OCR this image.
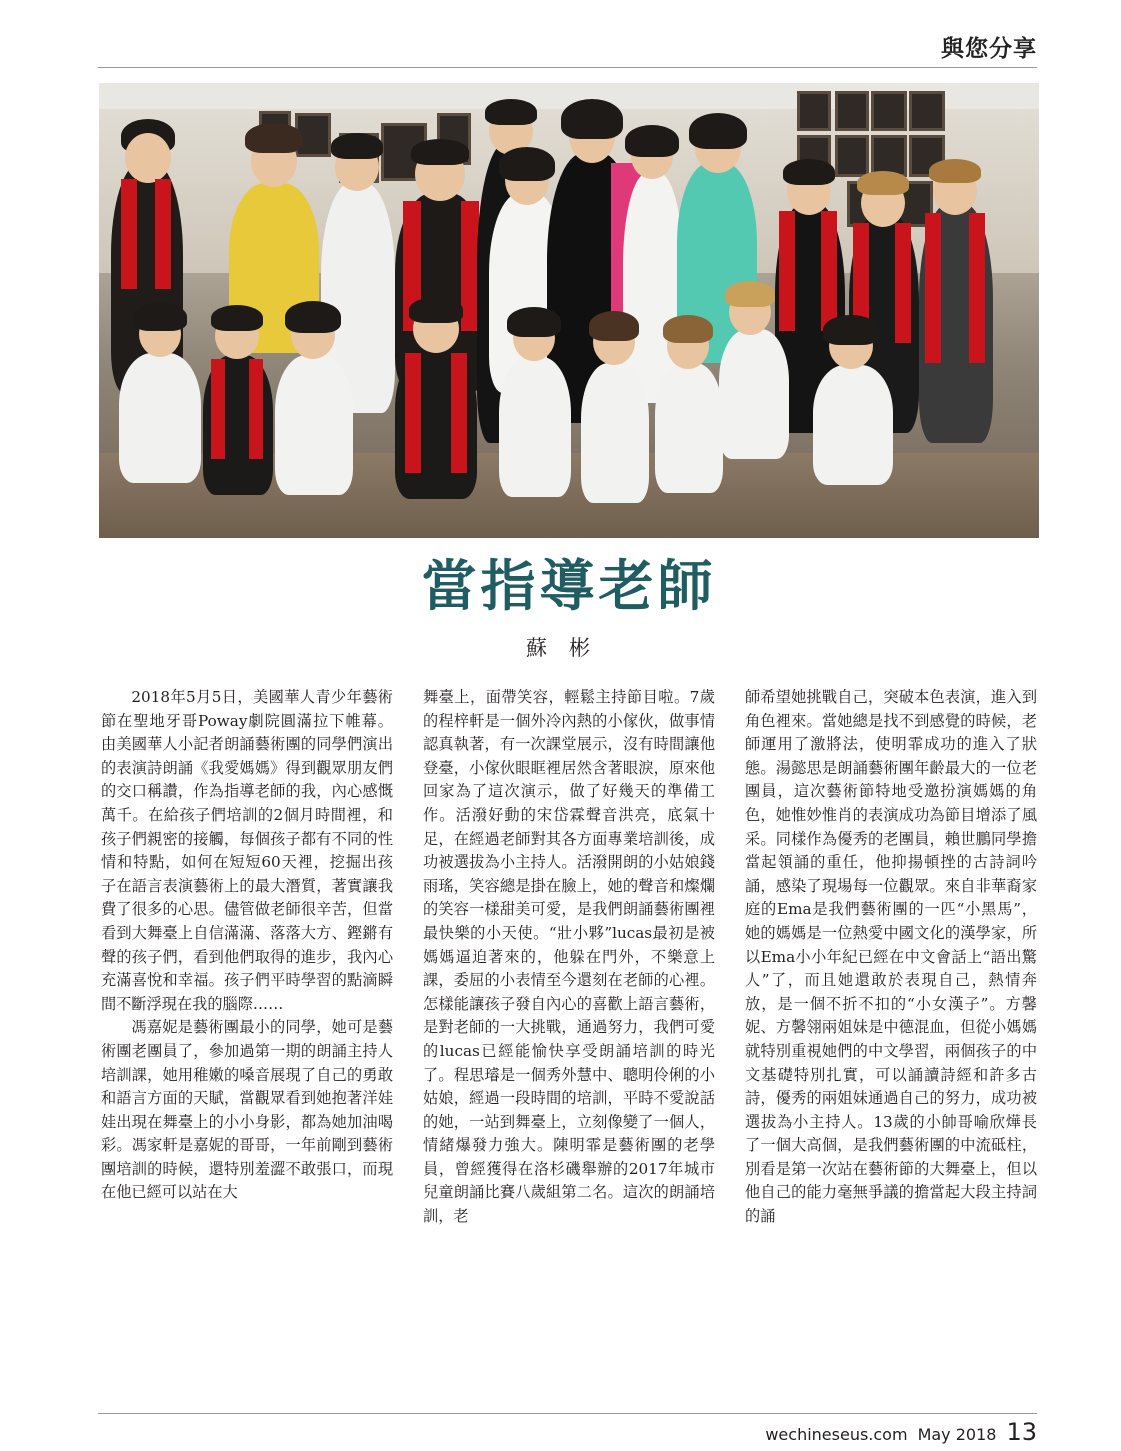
與您分享
當指導老師
蘇彬

2018年5月5日，美國華人青少年藝術節在聖地牙哥Poway劇院圓滿拉下帷幕。由美國華人小記者朗誦藝術團的同學們演出的表演詩朗誦《我愛媽媽》得到觀眾朋友們的交口稱讚，作為指導老師的我，內心感慨萬千。在給孩子們培訓的2個月時間裡，和孩子們親密的接觸，每個孩子都有不同的性情和特點，如何在短短60天裡，挖掘出孩子在語言表演藝術上的最大潛質，著實讓我費了很多的心思。儘管做老師很辛苦，但當看到大舞臺上自信滿滿、落落大方、鏗鏘有聲的孩子們，看到他們取得的進步，我內心充滿喜悅和幸福。孩子們平時學習的點滴瞬間不斷浮現在我的腦際……

馮嘉妮是藝術團最小的同學，她可是藝術團老團員了，參加過第一期的朗誦主持人培訓課，她用稚嫩的嗓音展現了自己的勇敢和語言方面的天賦，當觀眾看到她抱著洋娃娃出現在舞臺上的小小身影，都為她加油喝彩。馮家軒是嘉妮的哥哥，一年前剛到藝術團培訓的時候，還特別羞澀不敢張口，而現在他已經可以站在大

舞臺上，面帶笑容，輕鬆主持節目啦。7歲的程梓軒是一個外冷內熱的小傢伙，做事情認真執著，有一次課堂展示，沒有時間讓他登臺，小傢伙眼眶裡居然含著眼淚，原來他回家為了這次演示，做了好幾天的準備工作。活潑好動的宋岱霖聲音洪亮，底氣十足，在經過老師對其各方面專業培訓後，成功被選拔為小主持人。活潑開朗的小姑娘錢雨瑤，笑容總是掛在臉上，她的聲音和燦爛的笑容一樣甜美可愛，是我們朗誦藝術團裡最快樂的小天使。“壯小夥”lucas最初是被媽媽逼迫著來的，他躲在門外，不樂意上課，委屈的小表情至今還刻在老師的心裡。怎樣能讓孩子發自內心的喜歡上語言藝術，是對老師的一大挑戰，通過努力，我們可愛的lucas已經能愉快享受朗誦培訓的時光了。程思璿是一個秀外慧中、聰明伶俐的小姑娘，經過一段時間的培訓，平時不愛說話的她，一站到舞臺上，立刻像變了一個人，情緒爆發力強大。陳明霏是藝術團的老學員，曾經獲得在洛杉磯舉辦的2017年城市兒童朗誦比賽八歲組第二名。這次的朗誦培訓，老

師希望她挑戰自己，突破本色表演，進入到角色裡來。當她總是找不到感覺的時候，老師運用了激將法，使明霏成功的進入了狀態。湯懿思是朗誦藝術團年齡最大的一位老團員，這次藝術節特地受邀扮演媽媽的角色，她惟妙惟肖的表演成功為節目增添了風采。同樣作為優秀的老團員，賴世鵬同學擔當起領誦的重任，他抑揚頓挫的古詩詞吟誦，感染了現場每一位觀眾。來自非華裔家庭的Ema是我們藝術團的一匹“小黑馬”，她的媽媽是一位熱愛中國文化的漢學家，所以Ema小小年紀已經在中文會話上“語出驚人”了，而且她還敢於表現自己，熱情奔放，是一個不折不扣的“小女漢子”。方馨妮、方馨翎兩姐妹是中德混血，但從小媽媽就特別重視她們的中文學習，兩個孩子的中文基礎特別扎實，可以誦讀詩經和許多古詩，優秀的兩姐妹通過自己的努力，成功被選拔為小主持人。13歲的小帥哥喻欣燁長了一個大高個，是我們藝術團的中流砥柱，別看是第一次站在藝術節的大舞臺上，但以他自己的能力毫無爭議的擔當起大段主持詞的誦

wechineseus.com May 2018 13
